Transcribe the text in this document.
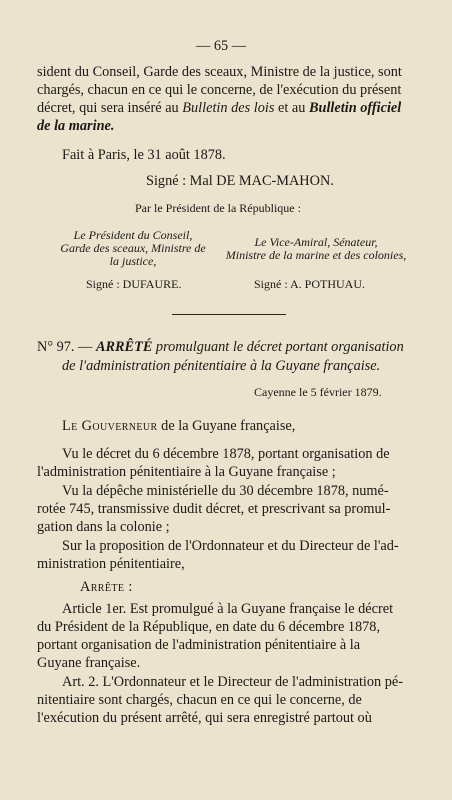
— 65 —
sident du Conseil, Garde des sceaux, Ministre de la justice, sont
chargés, chacun en ce qui le concerne, de l'exécution du présent
décret, qui sera inséré au Bulletin des lois et au Bulletin officiel
de la marine.
Fait à Paris, le 31 août 1878.
Signé : Mal DE MAC-MAHON.
Par le Président de la République :
Le Président du Conseil,
Garde des sceaux, Ministre de
la justice,
Le Vice-Amiral, Sénateur,
Ministre de la marine et des colonies,
Signé : DUFAURE.	Signé : A. POTHUAU.
N° 97. — ARRÊTÉ promulguant le décret portant organisation
de l'administration pénitentiaire à la Guyane française.
Cayenne le 5 février 1879.
Le Gouverneur de la Guyane française,
Vu le décret du 6 décembre 1878, portant organisation de
l'administration pénitentiaire à la Guyane française ;
Vu la dépêche ministérielle du 30 décembre 1878, numé-
rotée 745, transmissive dudit décret, et prescrivant sa promul-
gation dans la colonie ;
Sur la proposition de l'Ordonnateur et du Directeur de l'ad-
ministration pénitentiaire,
Arrête :
Article 1er. Est promulgué à la Guyane française le décret
du Président de la République, en date du 6 décembre 1878,
portant organisation de l'administration pénitentiaire à la
Guyane française.
Art. 2. L'Ordonnateur et le Directeur de l'administration pé-
nitentiaire sont chargés, chacun en ce qui le concerne, de
l'exécution du présent arrêté, qui sera enregistré partout où
